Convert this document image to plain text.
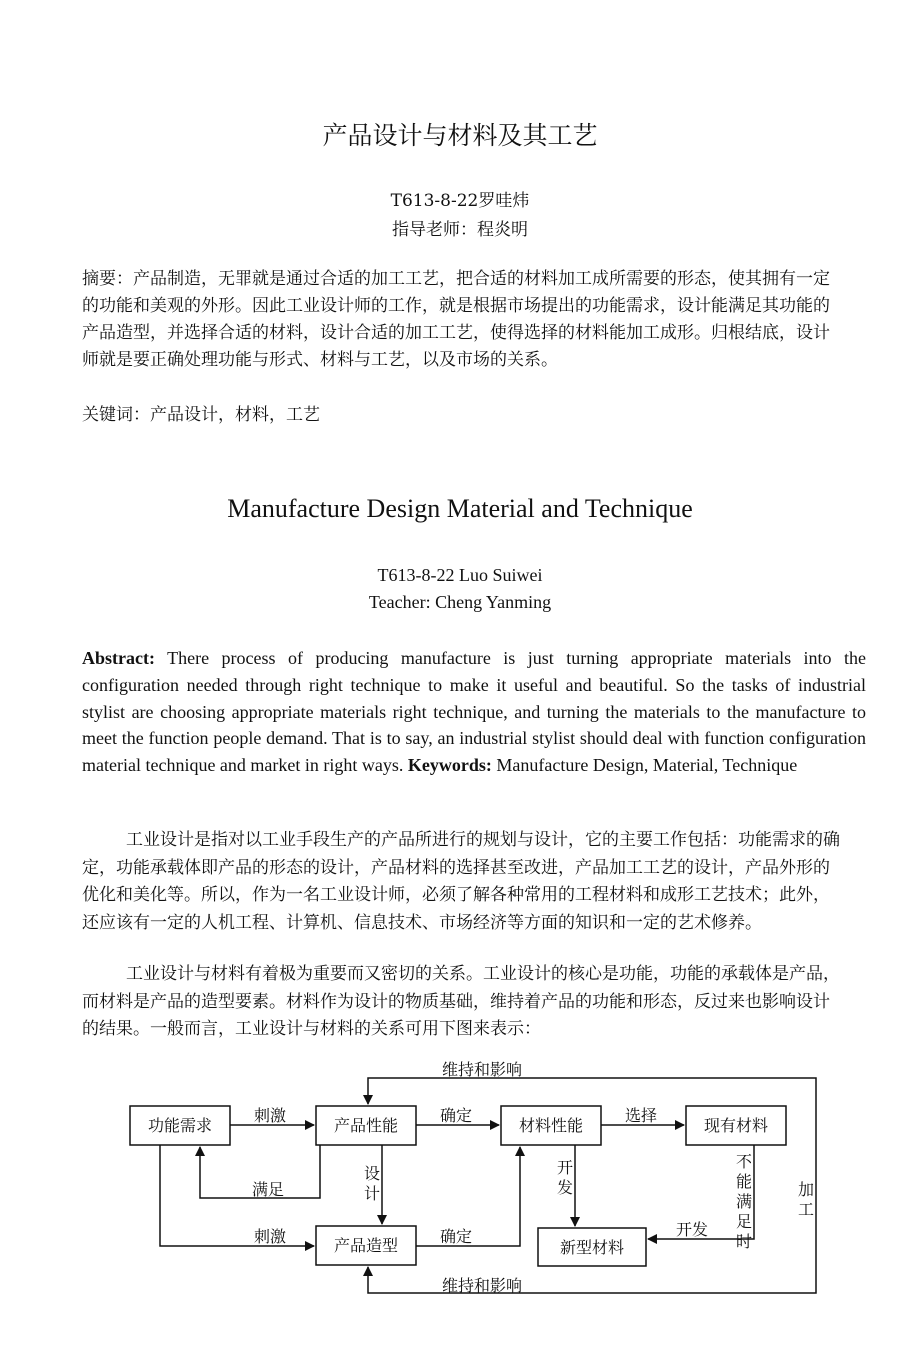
产品设计与材料及其工艺
T613-8-22罗哇炜
指导老师：程炎明
摘要：产品制造，无罪就是通过合适的加工工艺，把合适的材料加工成所需要的形态，使其拥有一定的功能和美观的外形。因此工业设计师的工作，就是根据市场提出的功能需求，设计能满足其功能的产品造型，并选择合适的材料，设计合适的加工工艺，使得选择的材料能加工成形。归根结底，设计师就是要正确处理功能与形式、材料与工艺，以及市场的关系。
关键词：产品设计，材料，工艺
Manufacture Design Material and Technique
T613-8-22 Luo Suiwei
Teacher: Cheng Yanming
Abstract: There process of producing manufacture is just turning appropriate materials into the configuration needed through right technique to make it useful and beautiful. So the tasks of industrial stylist are choosing appropriate materials right technique, and turning the materials to the manufacture to meet the function people demand. That is to say, an industrial stylist should deal with function configuration material technique and market in right ways. Keywords: Manufacture Design, Material, Technique
工业设计是指对以工业手段生产的产品所进行的规划与设计，它的主要工作包括：功能需求的确定，功能承载体即产品的形态的设计，产品材料的选择甚至改进，产品加工工艺的设计，产品外形的优化和美化等。所以，作为一名工业设计师，必须了解各种常用的工程材料和成形工艺技术；此外，还应该有一定的人机工程、计算机、信息技术、市场经济等方面的知识和一定的艺术修养。
工业设计与材料有着极为重要而又密切的关系。工业设计的核心是功能，功能的承载体是产品，而材料是产品的造型要素。材料作为设计的物质基础，维持着产品的功能和形态，反过来也影响设计的结果。一般而言，工业设计与材料的关系可用下图来表示：
功能需求	产品性能	材料性能	现有材料
产品造型	新型材料
维持和影响
维持和影响
刺激
刺激
确定
确定
选择
满足
开发
设
计
开
发
不
能
满
足
时
加
工
